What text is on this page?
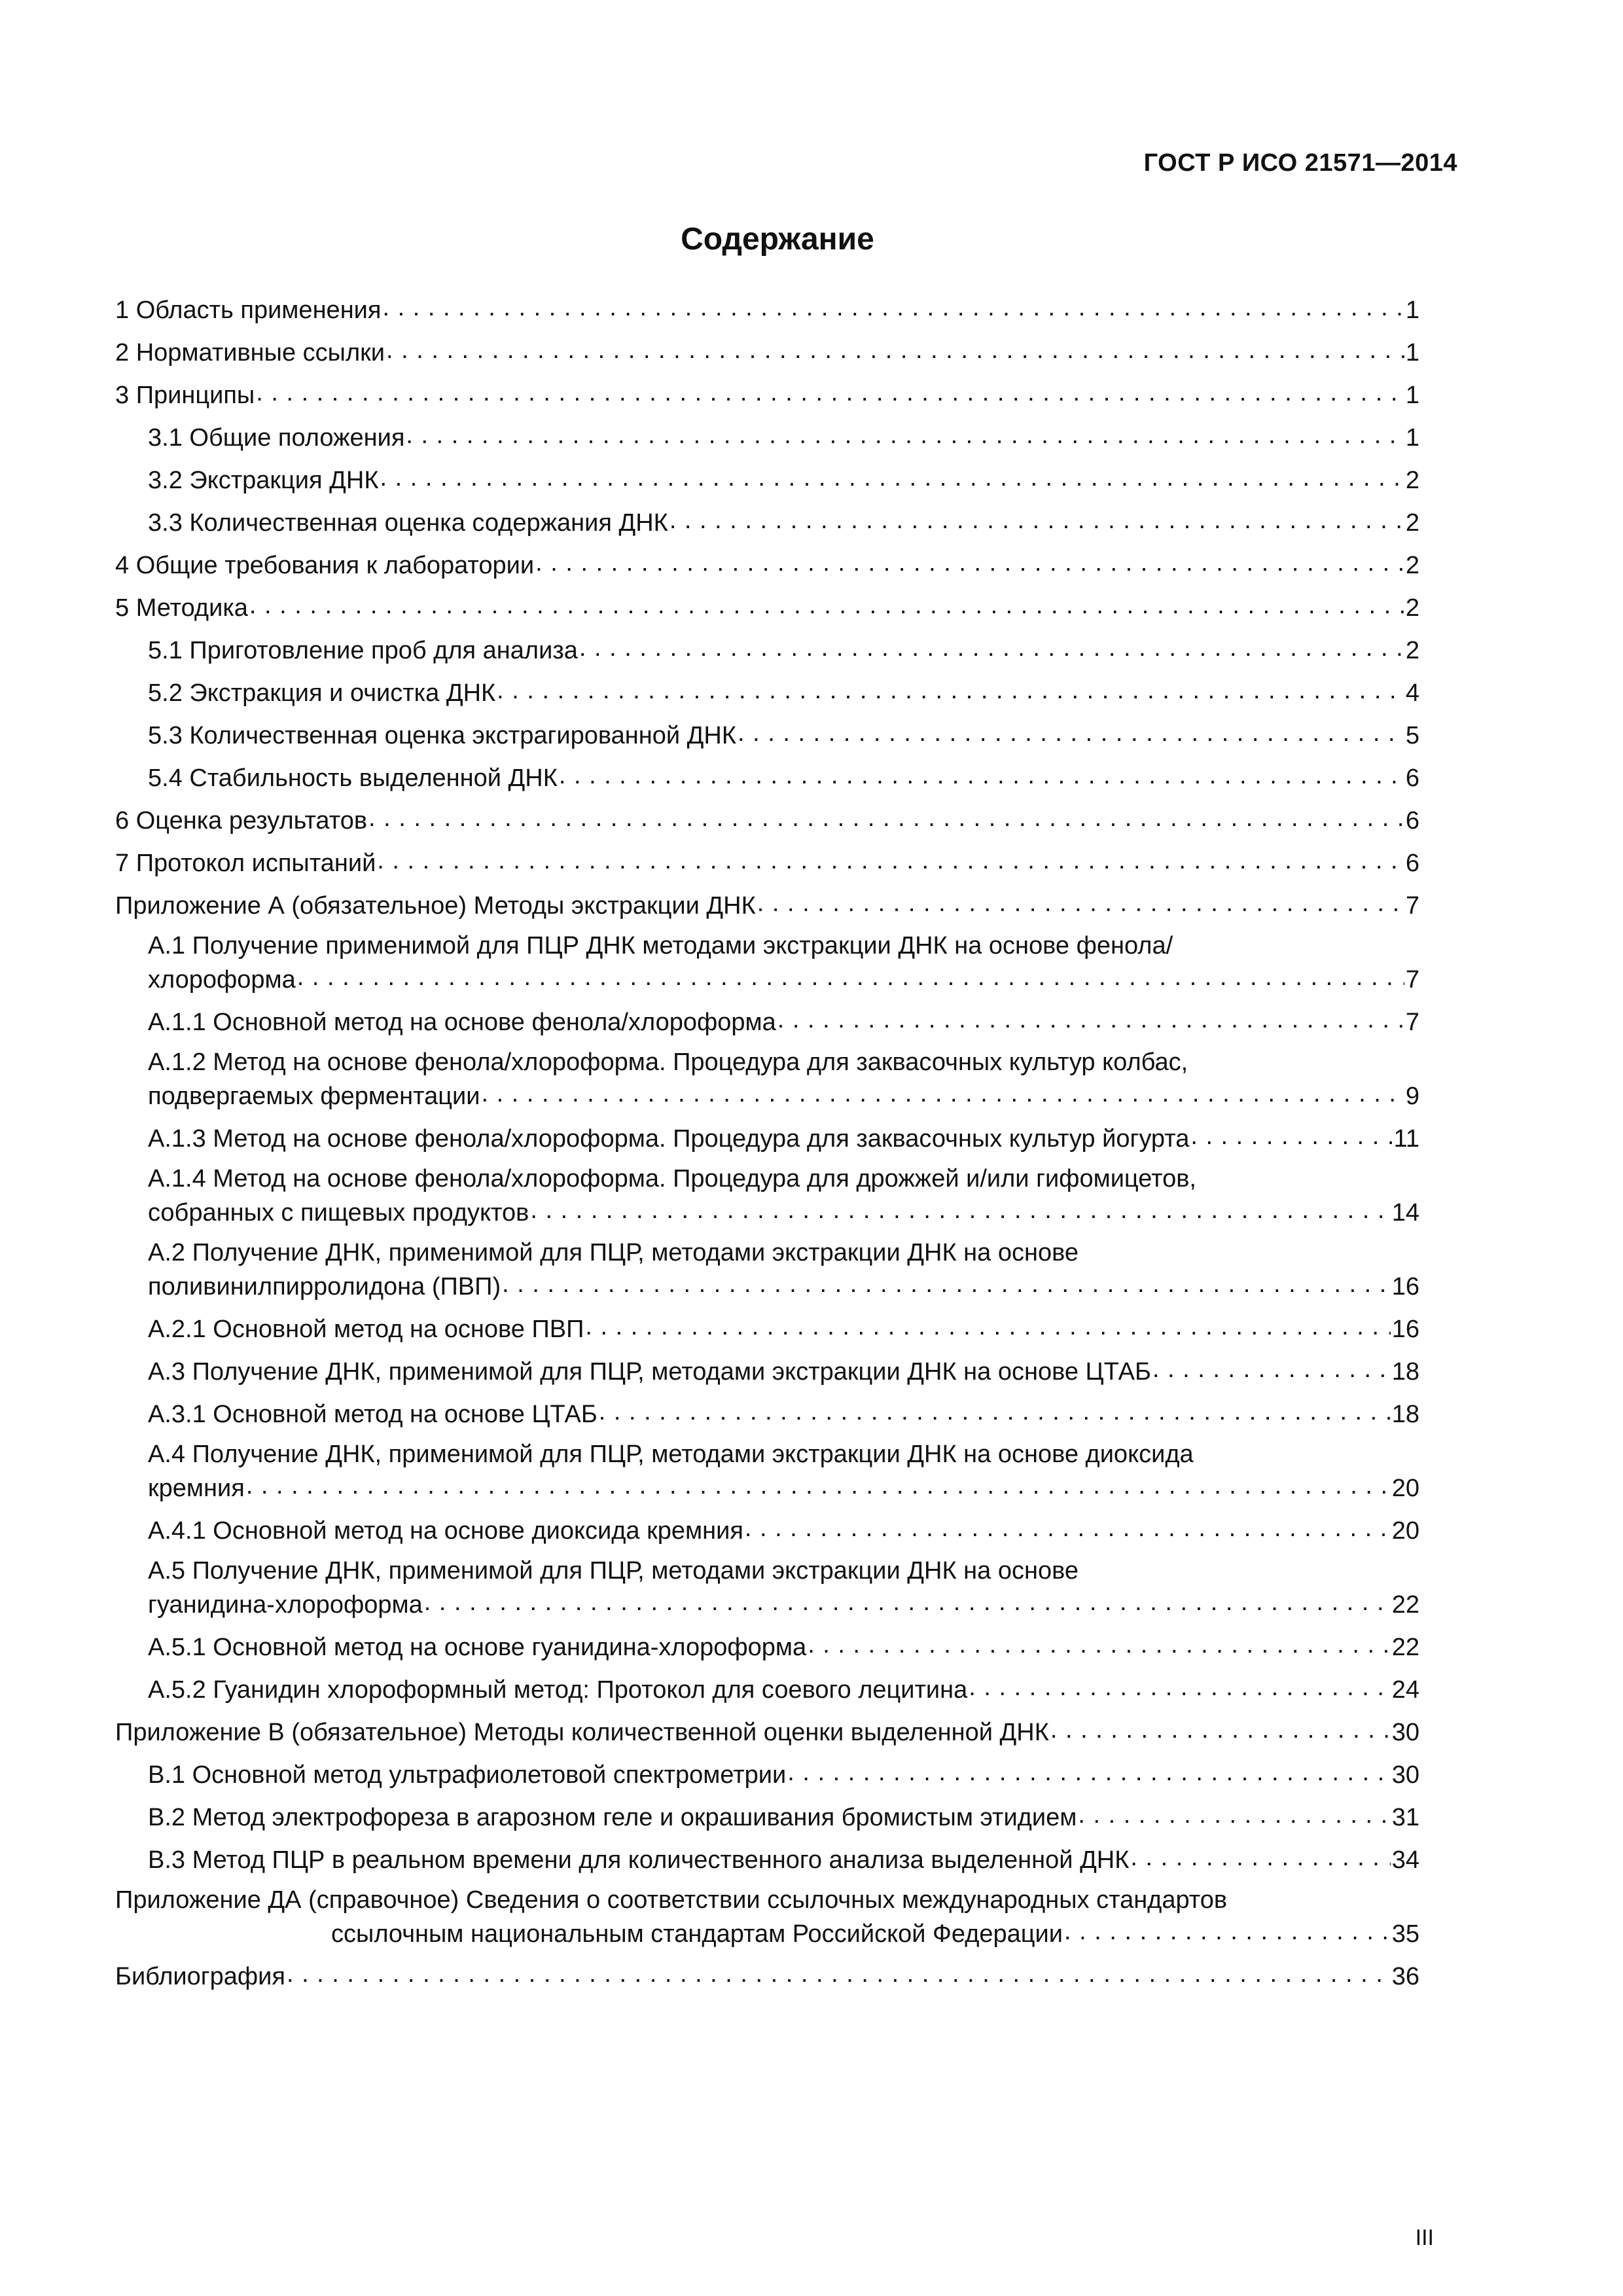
ГОСТ Р ИСО 21571—2014
Содержание
1 Область применения . . .	1
2 Нормативные ссылки . . .	1
3 Принципы . . .	1
3.1 Общие положения . . .	1
3.2 Экстракция ДНК . . .	2
3.3 Количественная оценка содержания ДНК . . .	2
4 Общие требования к лаборатории . . .	2
5 Методика . . .	2
5.1 Приготовление проб для анализа . . .	2
5.2 Экстракция и очистка ДНК . . .	4
5.3 Количественная оценка экстрагированной ДНК . . .	5
5.4 Стабильность выделенной ДНК . . .	6
6 Оценка результатов . . .	6
7 Протокол испытаний . . .	6
Приложение А (обязательное) Методы экстракции ДНК . . .	7
А.1 Получение применимой для ПЦР ДНК методами экстракции ДНК на основе фенола/
хлороформа . . .	7
А.1.1 Основной метод на основе фенола/хлороформа . . .	7
А.1.2 Метод на основе фенола/хлороформа. Процедура для заквасочных культур колбас,
подвергаемых ферментации . . .	9
А.1.3 Метод на основе фенола/хлороформа. Процедура для заквасочных культур йогурта . . .	11
А.1.4 Метод на основе фенола/хлороформа. Процедура для дрожжей и/или гифомицетов,
собранных с пищевых продуктов . . .	14
А.2 Получение ДНК, применимой для ПЦР, методами экстракции ДНК на основе
поливинилпирролидона (ПВП) . . .	16
А.2.1 Основной метод на основе ПВП . . .	16
А.3 Получение ДНК, применимой для ПЦР, методами экстракции ДНК на основе ЦТАБ . . .	18
А.3.1 Основной метод на основе ЦТАБ . . .	18
А.4 Получение ДНК, применимой для ПЦР, методами экстракции ДНК на основе диоксида
кремния . . .	20
А.4.1 Основной метод на основе диоксида кремния . . .	20
А.5 Получение ДНК, применимой для ПЦР, методами экстракции ДНК на основе
гуанидина-хлороформа . . .	22
А.5.1 Основной метод на основе гуанидина-хлороформа . . .	22
А.5.2 Гуанидин хлороформный метод: Протокол для соевого лецитина . . .	24
Приложение В (обязательное) Методы количественной оценки выделенной ДНК . . .	30
В.1 Основной метод ультрафиолетовой спектрометрии . . .	30
В.2 Метод электрофореза в агарозном геле и окрашивания бромистым этидием . . .	31
В.3 Метод ПЦР в реальном времени для количественного анализа выделенной ДНК . . .	34
Приложение ДА (справочное) Сведения о соответствии ссылочных международных стандартов
ссылочным национальным стандартам Российской Федерации . . .	35
Библиография . . .	36
III
